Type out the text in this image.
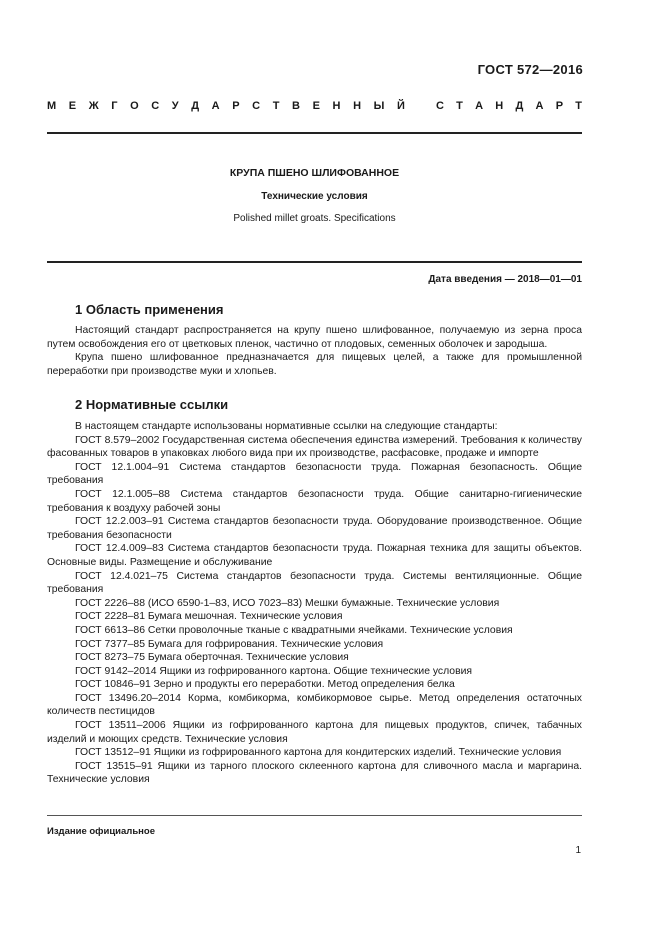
ГОСТ 572—2016
М Е Ж Г О С У Д А Р С Т В Е Н Н Ы Й	С Т А Н Д А Р Т
КРУПА ПШЕНО ШЛИФОВАННОЕ
Технические условия
Polished millet groats. Specifications
Дата введения — 2018—01—01
1 Область применения

Настоящий стандарт распространяется на крупу пшено шлифованное, получаемую из зерна проса путем освобождения его от цветковых пленок, частично от плодовых, семенных оболочек и зародыша.

Крупа пшено шлифованное предназначается для пищевых целей, а также для промышленной переработки при производстве муки и хлопьев.

2 Нормативные ссылки

В настоящем стандарте использованы нормативные ссылки на следующие стандарты:

ГОСТ 8.579–2002 Государственная система обеспечения единства измерений. Требования к количеству фасованных товаров в упаковках любого вида при их производстве, расфасовке, продаже и импорте

ГОСТ 12.1.004–91 Система стандартов безопасности труда. Пожарная безопасность. Общие требования

ГОСТ 12.1.005–88 Система стандартов безопасности труда. Общие санитарно-гигиенические требования к воздуху рабочей зоны

ГОСТ 12.2.003–91 Система стандартов безопасности труда. Оборудование производственное. Общие требования безопасности

ГОСТ 12.4.009–83 Система стандартов безопасности труда. Пожарная техника для защиты объектов. Основные виды. Размещение и обслуживание

ГОСТ 12.4.021–75 Система стандартов безопасности труда. Системы вентиляционные. Общие требования

ГОСТ 2226–88 (ИСО 6590-1–83, ИСО 7023–83) Мешки бумажные. Технические условия

ГОСТ 2228–81 Бумага мешочная. Технические условия

ГОСТ 6613–86 Сетки проволочные тканые с квадратными ячейками. Технические условия

ГОСТ 7377–85 Бумага для гофрирования. Технические условия

ГОСТ 8273–75 Бумага оберточная. Технические условия

ГОСТ 9142–2014 Ящики из гофрированного картона. Общие технические условия

ГОСТ 10846–91 Зерно и продукты его переработки. Метод определения белка

ГОСТ 13496.20–2014 Корма, комбикорма, комбикормовое сырье. Метод определения остаточных количеств пестицидов

ГОСТ 13511–2006 Ящики из гофрированного картона для пищевых продуктов, спичек, табачных изделий и моющих средств. Технические условия

ГОСТ 13512–91 Ящики из гофрированного картона для кондитерских изделий. Технические условия

ГОСТ 13515–91 Ящики из тарного плоского склеенного картона для сливочного масла и маргарина. Технические условия

Издание официальное
1
